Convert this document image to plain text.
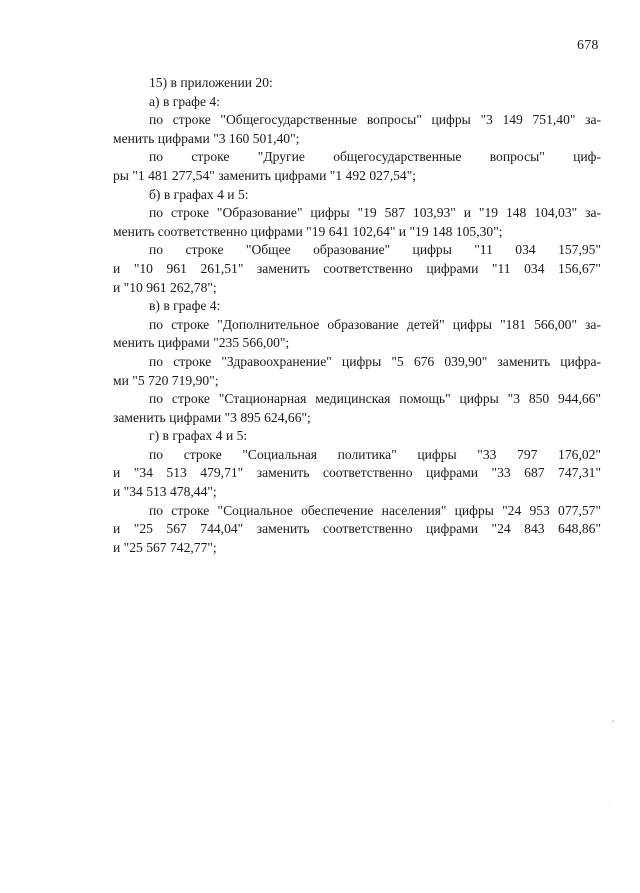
678
15) в приложении 20:
а) в графе 4:
по строке "Общегосударственные вопросы" цифры "3 149 751,40" за-
менить цифрами "3 160 501,40";
по строке "Другие общегосударственные вопросы" циф-
ры "1 481 277,54" заменить цифрами "1 492 027,54";
б) в графах 4 и 5:
по строке "Образование" цифры "19 587 103,93" и "19 148 104,03" за-
менить соответственно цифрами "19 641 102,64" и "19 148 105,30";
по строке "Общее образование" цифры "11 034 157,95"
и "10 961 261,51" заменить соответственно цифрами "11 034 156,67"
и "10 961 262,78";
в) в графе 4:
по строке "Дополнительное образование детей" цифры "181 566,00" за-
менить цифрами "235 566,00";
по строке "Здравоохранение" цифры "5 676 039,90" заменить цифра-
ми "5 720 719,90";
по строке "Стационарная медицинская помощь" цифры "3 850 944,66"
заменить цифрами "3 895 624,66";
г) в графах 4 и 5:
по строке "Социальная политика" цифры "33 797 176,02"
и "34 513 479,71" заменить соответственно цифрами "33 687 747,31"
и "34 513 478,44";
по строке "Социальное обеспечение населения" цифры "24 953 077,57"
и "25 567 744,04" заменить соответственно цифрами "24 843 648,86"
и "25 567 742,77";
